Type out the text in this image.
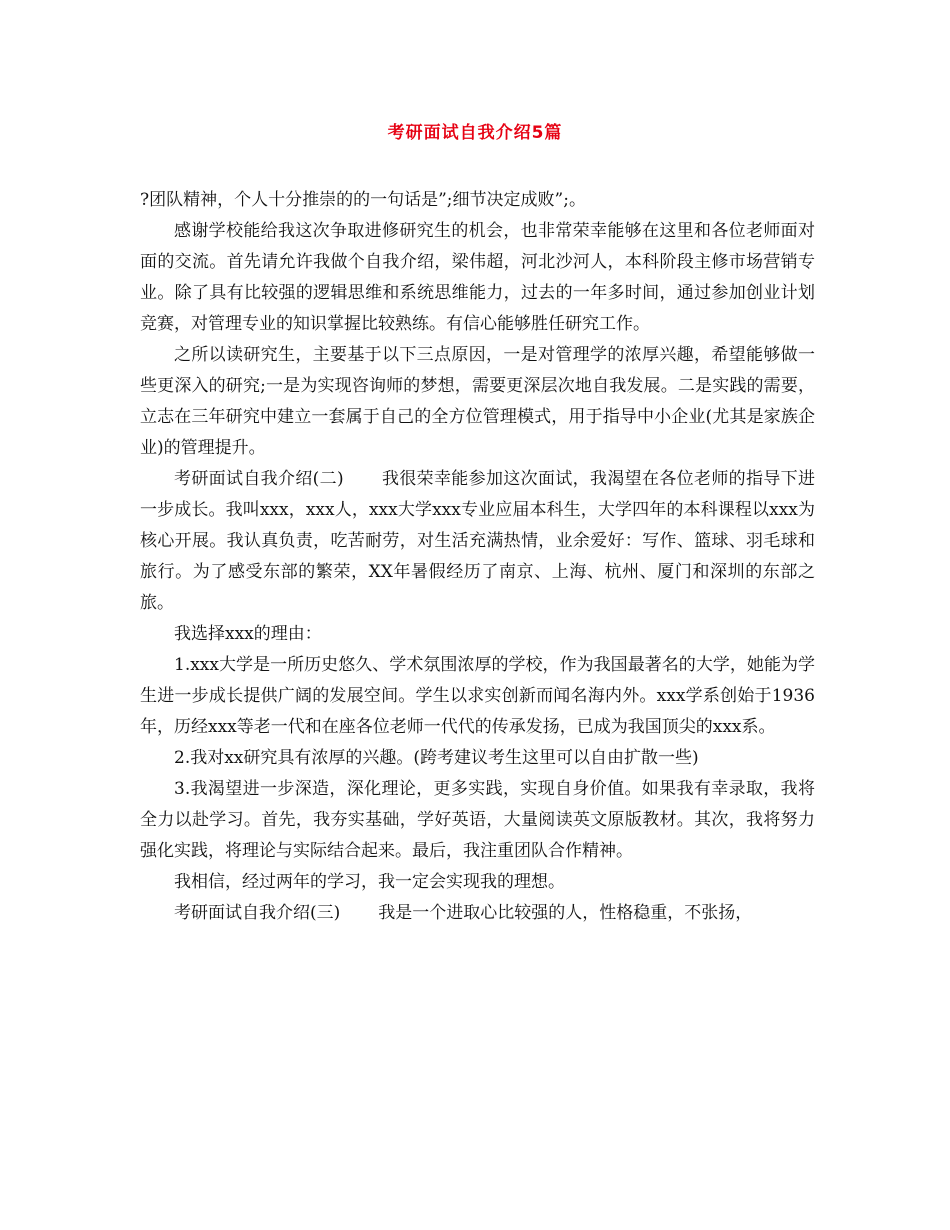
考研面试自我介绍5篇

?团队精神，个人十分推崇的的一句话是”;细节决定成败”;。

感谢学校能给我这次争取进修研究生的机会，也非常荣幸能够在这里和各位老师面对面的交流。首先请允许我做个自我介绍，梁伟超，河北沙河人，本科阶段主修市场营销专业。除了具有比较强的逻辑思维和系统思维能力，过去的一年多时间，通过参加创业计划竞赛，对管理专业的知识掌握比较熟练。有信心能够胜任研究工作。

之所以读研究生，主要基于以下三点原因，一是对管理学的浓厚兴趣，希望能够做一些更深入的研究;一是为实现咨询师的梦想，需要更深层次地自我发展。二是实践的需要，立志在三年研究中建立一套属于自己的全方位管理模式，用于指导中小企业(尤其是家族企业)的管理提升。

考研面试自我介绍(二) 我很荣幸能参加这次面试，我渴望在各位老师的指导下进一步成长。我叫xxx，xxx人，xxx大学xxx专业应届本科生，大学四年的本科课程以xxx为核心开展。我认真负责，吃苦耐劳，对生活充满热情，业余爱好：写作、篮球、羽毛球和旅行。为了感受东部的繁荣，XX年暑假经历了南京、上海、杭州、厦门和深圳的东部之旅。

我选择xxx的理由：

1.xxx大学是一所历史悠久、学术氛围浓厚的学校，作为我国最著名的大学，她能为学生进一步成长提供广阔的发展空间。学生以求实创新而闻名海内外。xxx学系创始于1936年，历经xxx等老一代和在座各位老师一代代的传承发扬，已成为我国顶尖的xxx系。

2.我对xx研究具有浓厚的兴趣。(跨考建议考生这里可以自由扩散一些)

3.我渴望进一步深造，深化理论，更多实践，实现自身价值。如果我有幸录取，我将全力以赴学习。首先，我夯实基础，学好英语，大量阅读英文原版教材。其次，我将努力强化实践，将理论与实际结合起来。最后，我注重团队合作精神。

我相信，经过两年的学习，我一定会实现我的理想。

考研面试自我介绍(三) 我是一个进取心比较强的人，性格稳重，不张扬，
